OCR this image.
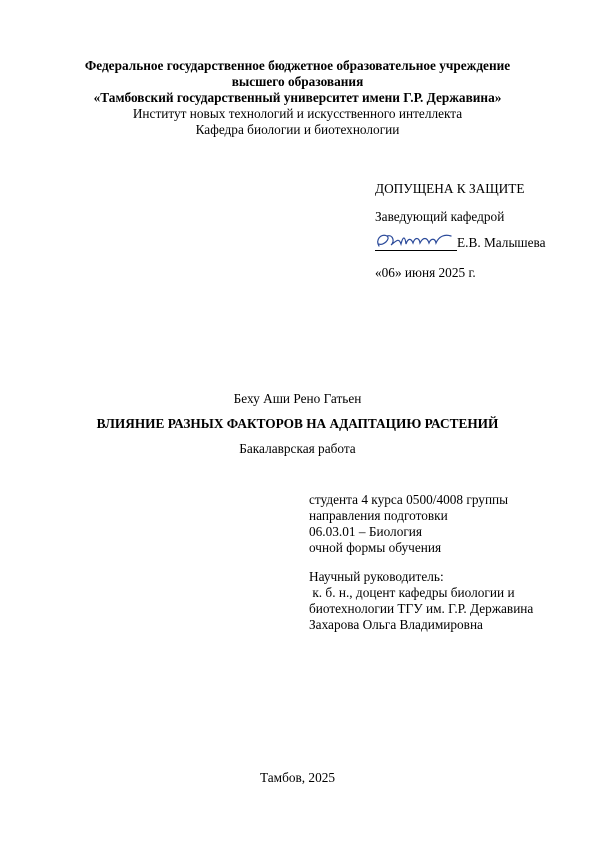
Федеральное государственное бюджетное образовательное учреждение
высшего образования
«Тамбовский государственный университет имени Г.Р. Державина»
Институт новых технологий и искусственного интеллекта
Кафедра биологии и биотехнологии
ДОПУЩЕНА К ЗАЩИТЕ
Заведующий кафедрой
Е.В. Малышева
«06» июня 2025 г.
Беху Аши Рено Гатьен
ВЛИЯНИЕ РАЗНЫХ ФАКТОРОВ НА АДАПТАЦИЮ РАСТЕНИЙ
Бакалаврская работа
студента 4 курса 0500/4008 группы
направления подготовки
06.03.01 – Биология
очной формы обучения
Научный руководитель:
к. б. н., доцент кафедры биологии и
биотехнологии ТГУ им. Г.Р. Державина
Захарова Ольга Владимировна
Тамбов, 2025
